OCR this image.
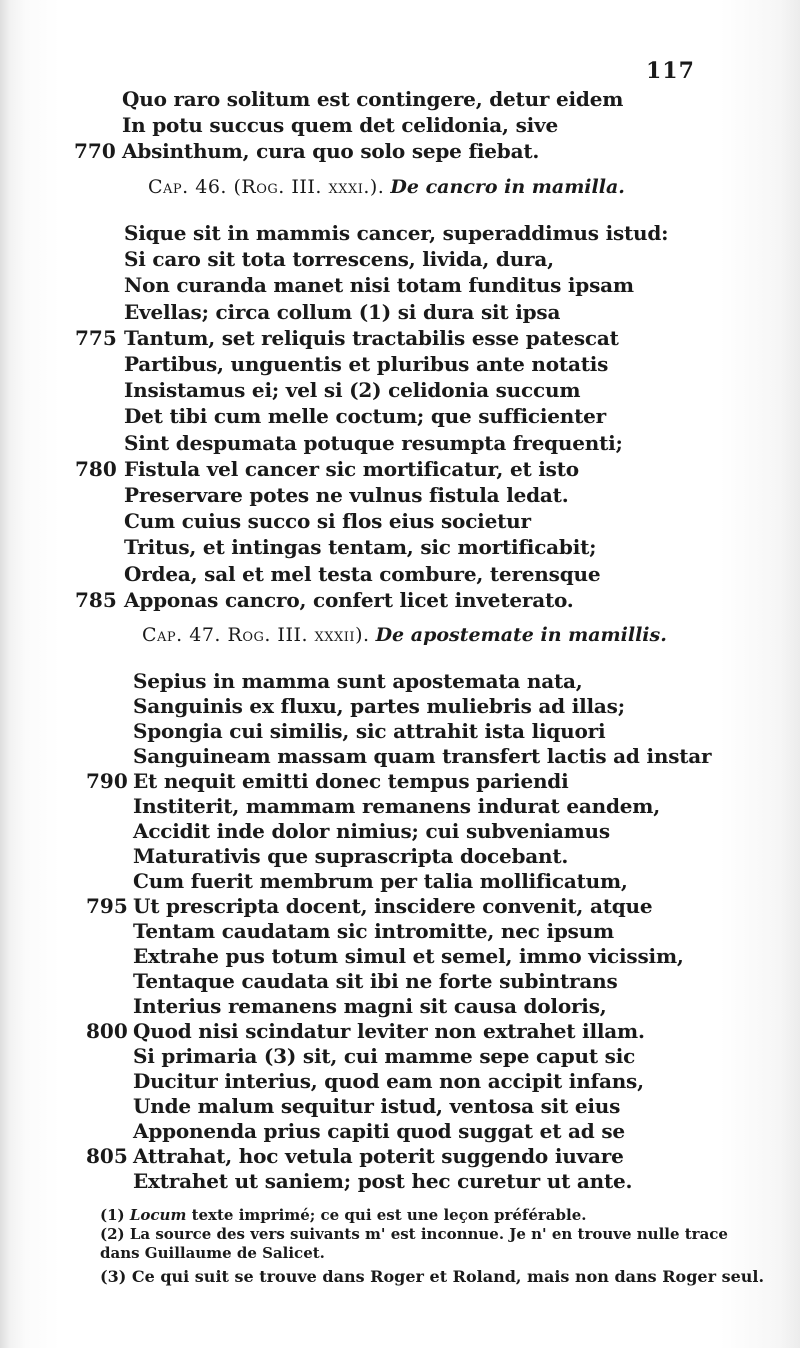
117
Quo raro solitum est contingere, detur eidem
In potu succus quem det celidonia, sive
770 Absinthum, cura quo solo sepe fiebat.
Cap. 46. (Rog. III. xxxi.). De cancro in mamilla.
Sique sit in mammis cancer, superaddimus istud:
Si caro sit tota torrescens, livida, dura,
Non curanda manet nisi totam funditus ipsam
Evellas; circa collum (1) si dura sit ipsa
775 Tantum, set reliquis tractabilis esse patescat
Partibus, unguentis et pluribus ante notatis
Insistamus ei; vel si (2) celidonia succum
Det tibi cum melle coctum; que sufficienter
Sint despumata potuque resumpta frequenti;
780 Fistula vel cancer sic mortificatur, et isto
Preservare potes ne vulnus fistula ledat.
Cum cuius succo si flos eius societur
Tritus, et intingas tentam, sic mortificabit;
Ordea, sal et mel testa combure, terensque
785 Apponas cancro, confert licet inveterato.
Cap. 47. Rog. III. xxxii). De apostemate in mamillis.
Sepius in mamma sunt apostemata nata,
Sanguinis ex fluxu, partes muliebris ad illas;
Spongia cui similis, sic attrahit ista liquori
Sanguineam massam quam transfert lactis ad instar
790 Et nequit emitti donec tempus pariendi
Institerit, mammam remanens indurat eandem,
Accidit inde dolor nimius; cui subveniamus
Maturativis que suprascripta docebant.
Cum fuerit membrum per talia mollificatum,
795 Ut prescripta docent, inscidere convenit, atque
Tentam caudatam sic intromitte, nec ipsum
Extrahe pus totum simul et semel, immo vicissim,
Tentaque caudata sit ibi ne forte subintrans
Interius remanens magni sit causa doloris,
800 Quod nisi scindatur leviter non extrahet illam.
Si primaria (3) sit, cui mamme sepe caput sic
Ducitur interius, quod eam non accipit infans,
Unde malum sequitur istud, ventosa sit eius
Apponenda prius capiti quod suggat et ad se
805 Attrahat, hoc vetula poterit suggendo iuvare
Extrahet ut saniem; post hec curetur ut ante.

(1) Locum texte imprimé; ce qui est une leçon préférable.

(2) La source des vers suivants m' est inconnue. Je n' en trouve nulle trace
dans Guillaume de Salicet.

(3) Ce qui suit se trouve dans Roger et Roland, mais non dans Roger seul.
